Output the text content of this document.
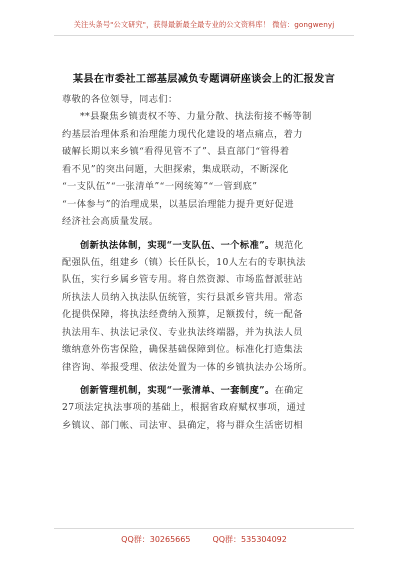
关注头条号"公文研究"，获得最新最全最专业的公文资料库！ 微信：gongwenyj
某县在市委社工部基层减负专题调研座谈会上的汇报发言
尊敬的各位领导，同志们：
**县聚焦乡镇责权不等、力量分散、执法衔接不畅等制
约基层治理体系和治理能力现代化建设的堵点痛点，着力
破解长期以来乡镇“看得见管不了”、县直部门“管得着
看不见”的突出问题，大胆探索，集成联动，不断深化
“一支队伍”“一张清单”“一网统筹”“一管到底”
“一体参与”的治理成果，以基层治理能力提升更好促进
经济社会高质量发展。
创新执法体制，实现“一支队伍、一个标准”。规范化
配强队伍，组建乡（镇）长任队长，10人左右的专职执法
队伍，实行乡属乡管专用。将自然资源、市场监督派驻站
所执法人员纳入执法队伍统管，实行县派乡管共用。常态
化提供保障，将执法经费纳入预算，足额拨付，统一配备
执法用车、执法记录仪、专业执法终端器，并为执法人员
缴纳意外伤害保险，确保基础保障到位。标准化打造集法
律咨询、举报受理、依法处置为一体的乡镇执法办公场所。
创新管理机制，实现“一张清单、一套制度”。在确定
27项法定执法事项的基础上，根据省政府赋权事项，通过
乡镇议、部门帐、司法审、县确定，将与群众生活密切相
QQ群：30265665	QQ群：535304092
